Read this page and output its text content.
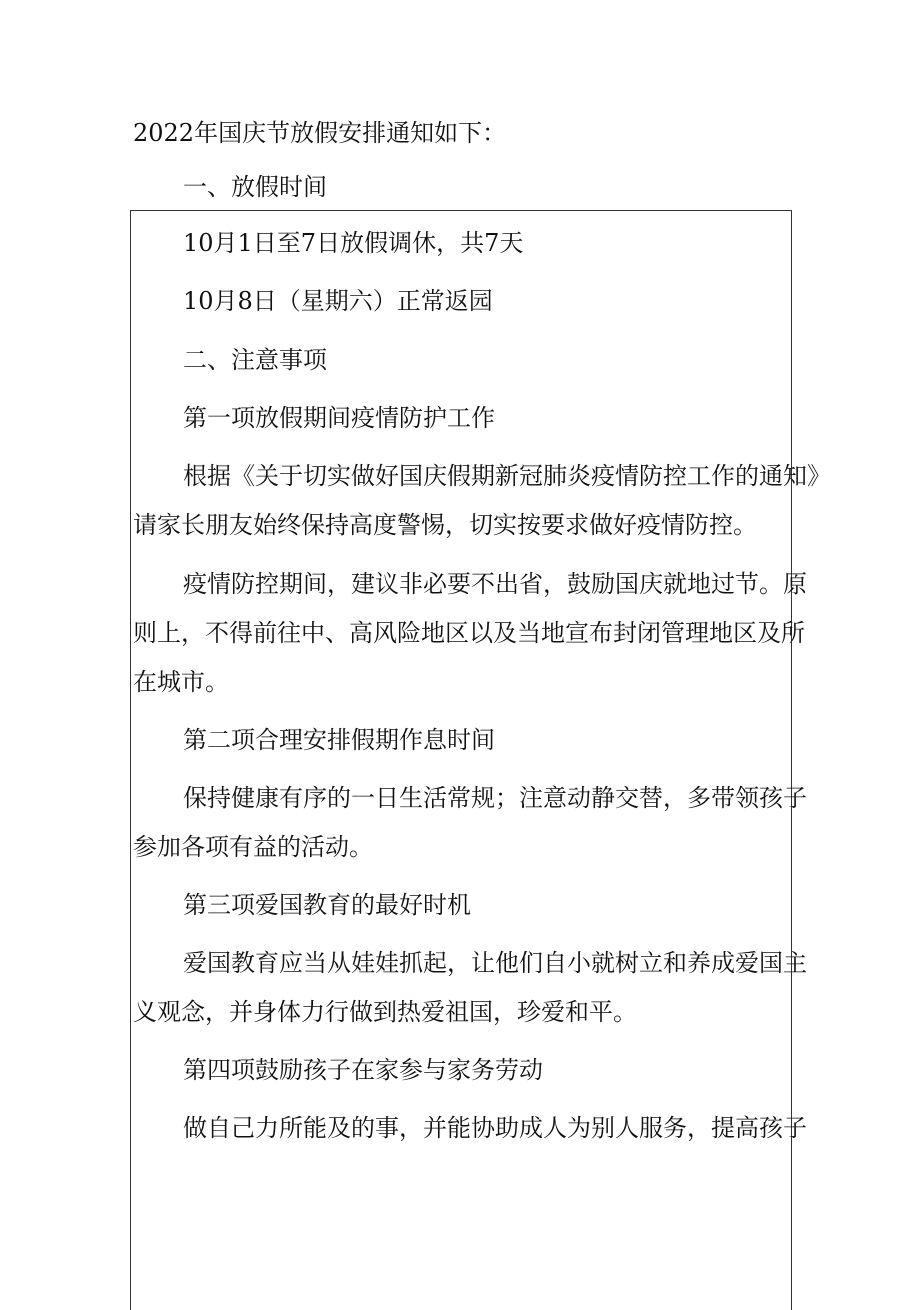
2022年国庆节放假安排通知如下：
一、放假时间
10月1日至7日放假调休，共7天
10月8日（星期六）正常返园
二、注意事项
第一项放假期间疫情防护工作
根据《关于切实做好国庆假期新冠肺炎疫情防控工作的通知》
请家长朋友始终保持高度警惕，切实按要求做好疫情防控。
疫情防控期间，建议非必要不出省，鼓励国庆就地过节。原
则上，不得前往中、高风险地区以及当地宣布封闭管理地区及所
在城市。
第二项合理安排假期作息时间
保持健康有序的一日生活常规；注意动静交替，多带领孩子
参加各项有益的活动。
第三项爱国教育的最好时机
爱国教育应当从娃娃抓起，让他们自小就树立和养成爱国主
义观念，并身体力行做到热爱祖国，珍爱和平。
第四项鼓励孩子在家参与家务劳动
做自己力所能及的事，并能协助成人为别人服务，提高孩子
